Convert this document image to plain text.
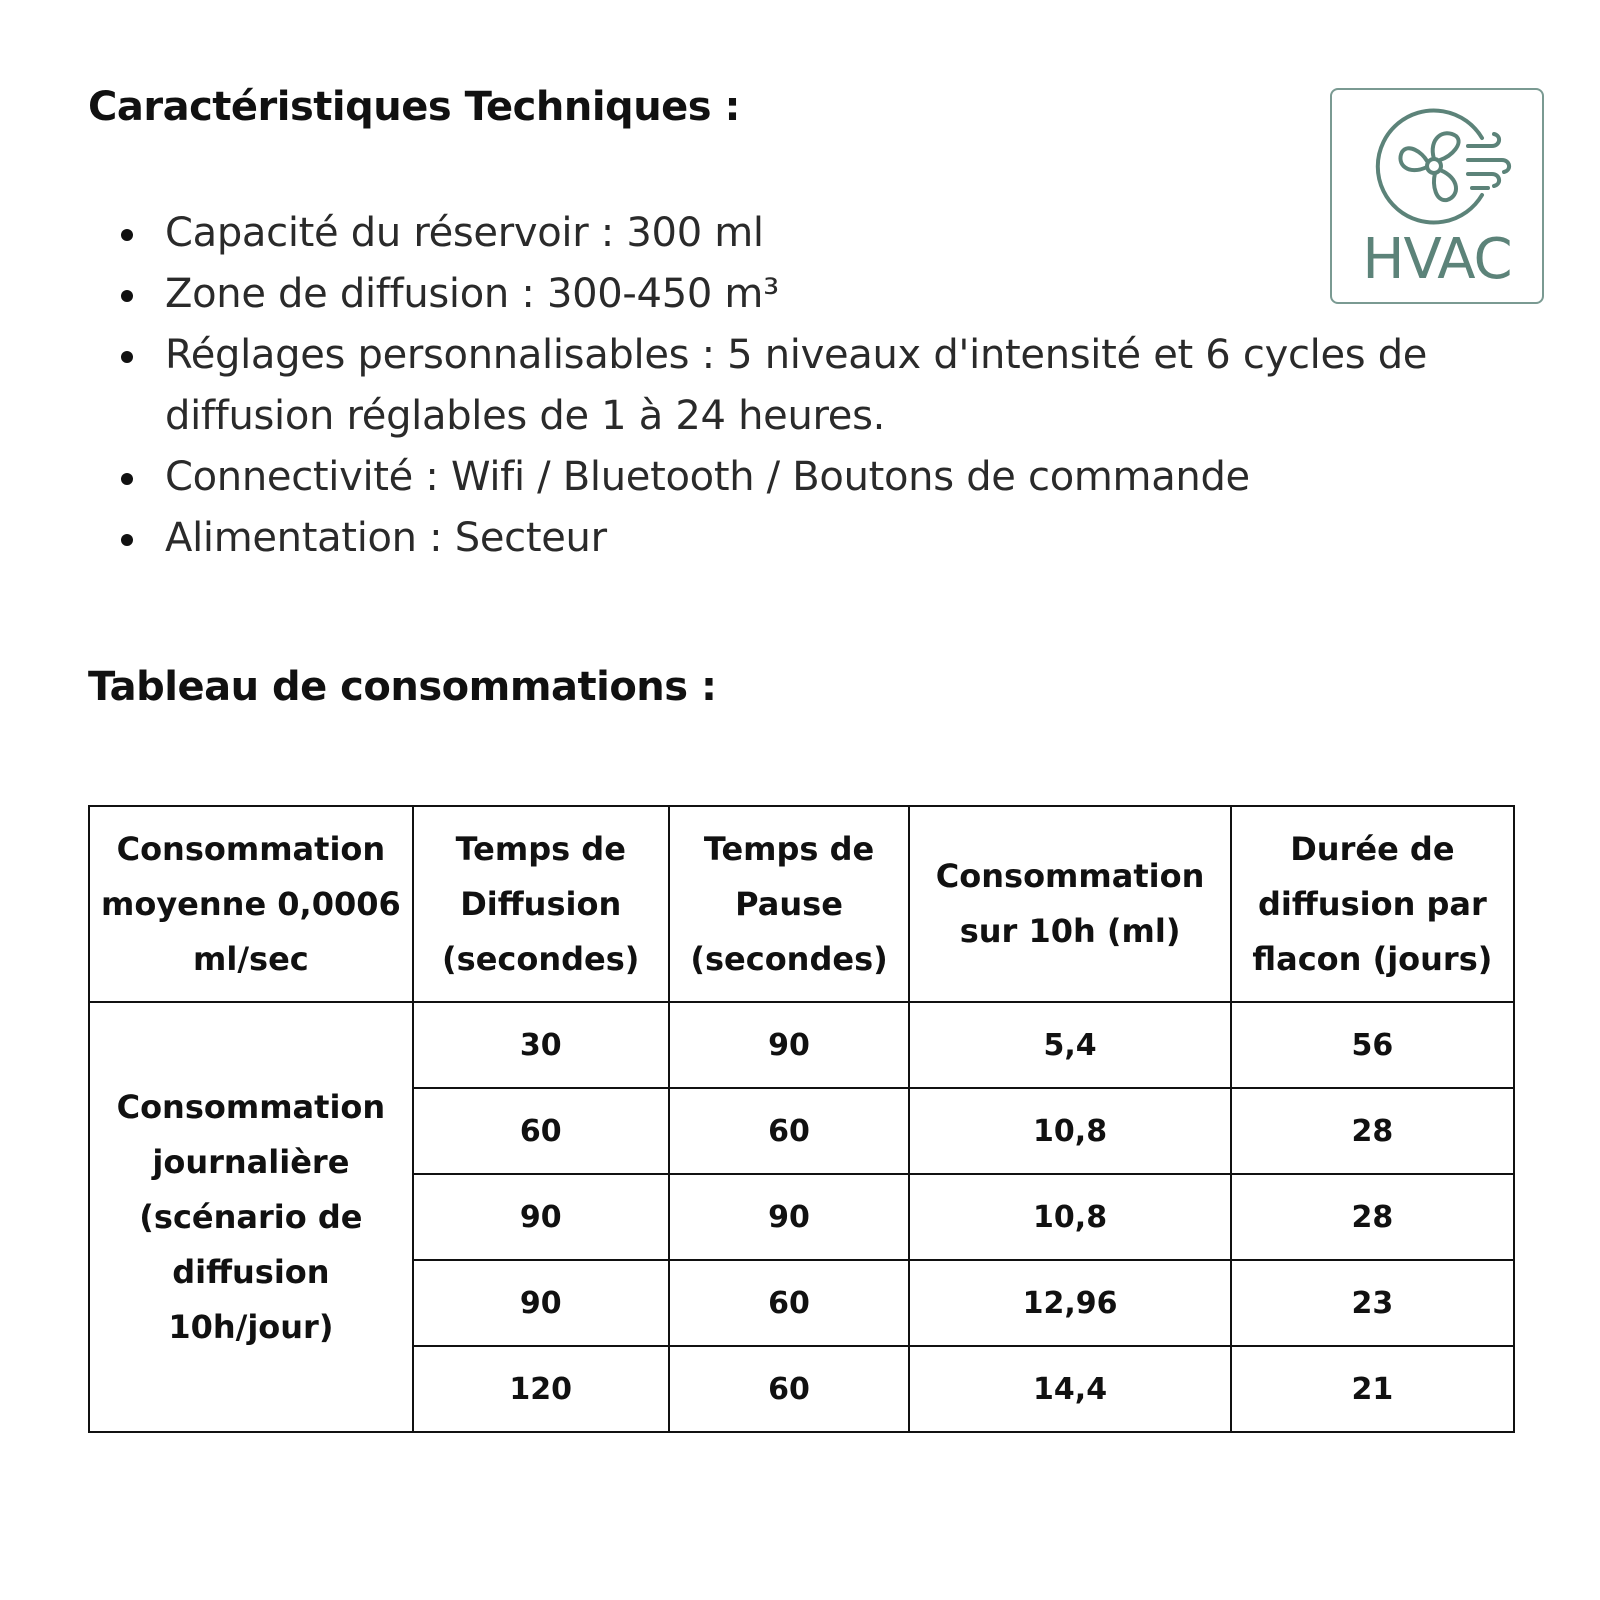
Caractéristiques Techniques :
Capacité du réservoir : 300 ml
Zone de diffusion : 300-450 m³
Réglages personnalisables : 5 niveaux d'intensité et 6 cycles de diffusion réglables de 1 à 24 heures.
Connectivité : Wifi / Bluetooth / Boutons de commande
Alimentation : Secteur
HVAC
Tableau de consommations :
Consommation moyenne 0,0006 ml/sec	Temps de Diffusion (secondes)	Temps de Pause (secondes)	Consommation sur 10h (ml)	Durée de diffusion par flacon (jours)
Consommation journalière (scénario de diffusion 10h/jour)	30	90	5,4	56
	60	60	10,8	28
	90	90	10,8	28
	90	60	12,96	23
	120	60	14,4	21
